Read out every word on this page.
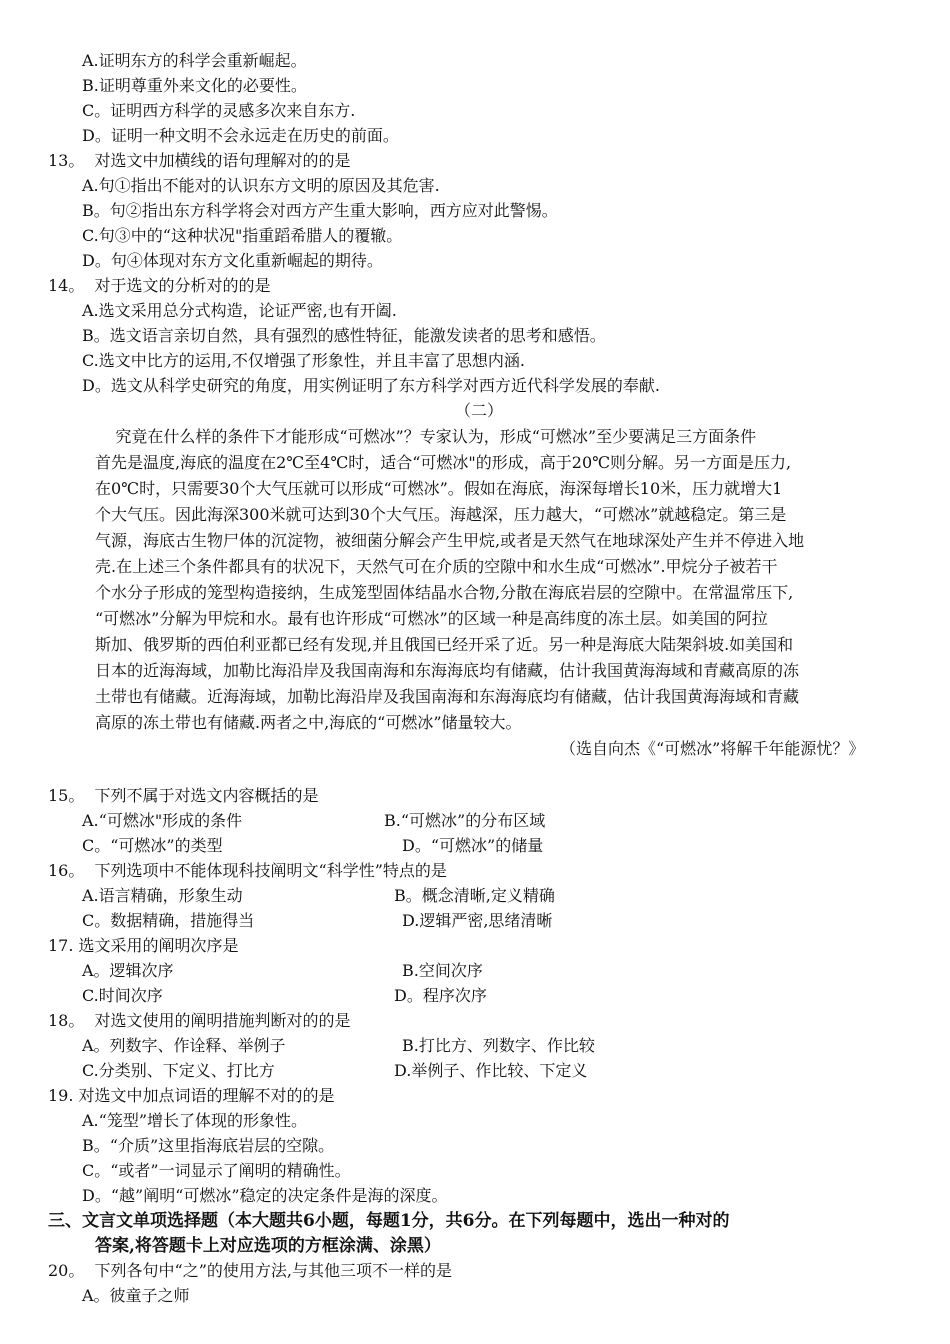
A.证明东方的科学会重新崛起。
B.证明尊重外来文化的必要性。
C。证明西方科学的灵感多次来自东方.
D。证明一种文明不会永远走在历史的前面。
13。 对选文中加横线的语句理解对的的是
A.句①指出不能对的认识东方文明的原因及其危害.
B。句②指出东方科学将会对西方产生重大影响，西方应对此警惕。
C.句③中的“这种状况"指重蹈希腊人的覆辙。
D。句④体现对东方文化重新崛起的期待。
14。 对于选文的分析对的的是
A.选文采用总分式构造，论证严密,也有开阖.
B。选文语言亲切自然，具有强烈的感性特征，能激发读者的思考和感悟。
C.选文中比方的运用,不仅增强了形象性，并且丰富了思想内涵.
D。选文从科学史研究的角度，用实例证明了东方科学对西方近代科学发展的奉献.
（二）
究竟在什么样的条件下才能形成“可燃冰”？专家认为，形成“可燃冰”至少要满足三方面条件
首先是温度,海底的温度在2℃至4℃时，适合“可燃冰"的形成，高于20℃则分解。另一方面是压力,
在0℃时，只需要30个大气压就可以形成“可燃冰”。假如在海底，海深每增长10米，压力就增大1
个大气压。因此海深300米就可达到30个大气压。海越深，压力越大，“可燃冰”就越稳定。第三是
气源，海底古生物尸体的沉淀物，被细菌分解会产生甲烷,或者是天然气在地球深处产生并不停进入地
壳.在上述三个条件都具有的状况下，天然气可在介质的空隙中和水生成“可燃冰”.甲烷分子被若干
个水分子形成的笼型构造接纳，生成笼型固体结晶水合物,分散在海底岩层的空隙中。在常温常压下,
“可燃冰”分解为甲烷和水。最有也许形成“可燃冰”的区域一种是高纬度的冻土层。如美国的阿拉
斯加、俄罗斯的西伯利亚都已经有发现,并且俄国已经开采了近。另一种是海底大陆架斜坡.如美国和
日本的近海海域，加勒比海沿岸及我国南海和东海海底均有储藏，估计我国黄海海域和青藏高原的冻
土带也有储藏。近海海域，加勒比海沿岸及我国南海和东海海底均有储藏，估计我国黄海海域和青藏
高原的冻土带也有储藏.两者之中,海底的“可燃冰”储量较大。
（选自向杰《“可燃冰”将解千年能源忧？》
15。 下列不属于对选文内容概括的是
A.“可燃冰"形成的条件	B.“可燃冰”的分布区域
C。“可燃冰”的类型	D。“可燃冰”的储量
16。 下列选项中不能体现科技阐明文“科学性”特点的是
A.语言精确，形象生动	B。概念清晰,定义精确
C。数据精确，措施得当	D.逻辑严密,思绪清晰
17. 选文采用的阐明次序是
A。逻辑次序	B.空间次序
C.时间次序	D。程序次序
18。 对选文使用的阐明措施判断对的的是
A。列数字、作诠释、举例子	B.打比方、列数字、作比较
C.分类别、下定义、打比方	D.举例子、作比较、下定义
19. 对选文中加点词语的理解不对的的是
A.“笼型”增长了体现的形象性。
B。“介质”这里指海底岩层的空隙。
C。“或者”一词显示了阐明的精确性。
D。“越”阐明“可燃冰”稳定的决定条件是海的深度。
三、文言文单项选择题（本大题共6小题，每题1分，共6分。在下列每题中，选出一种对的
答案,将答题卡上对应选项的方框涂满、涂黑）
20。 下列各句中“之”的使用方法,与其他三项不一样的是
A。彼童子之师
